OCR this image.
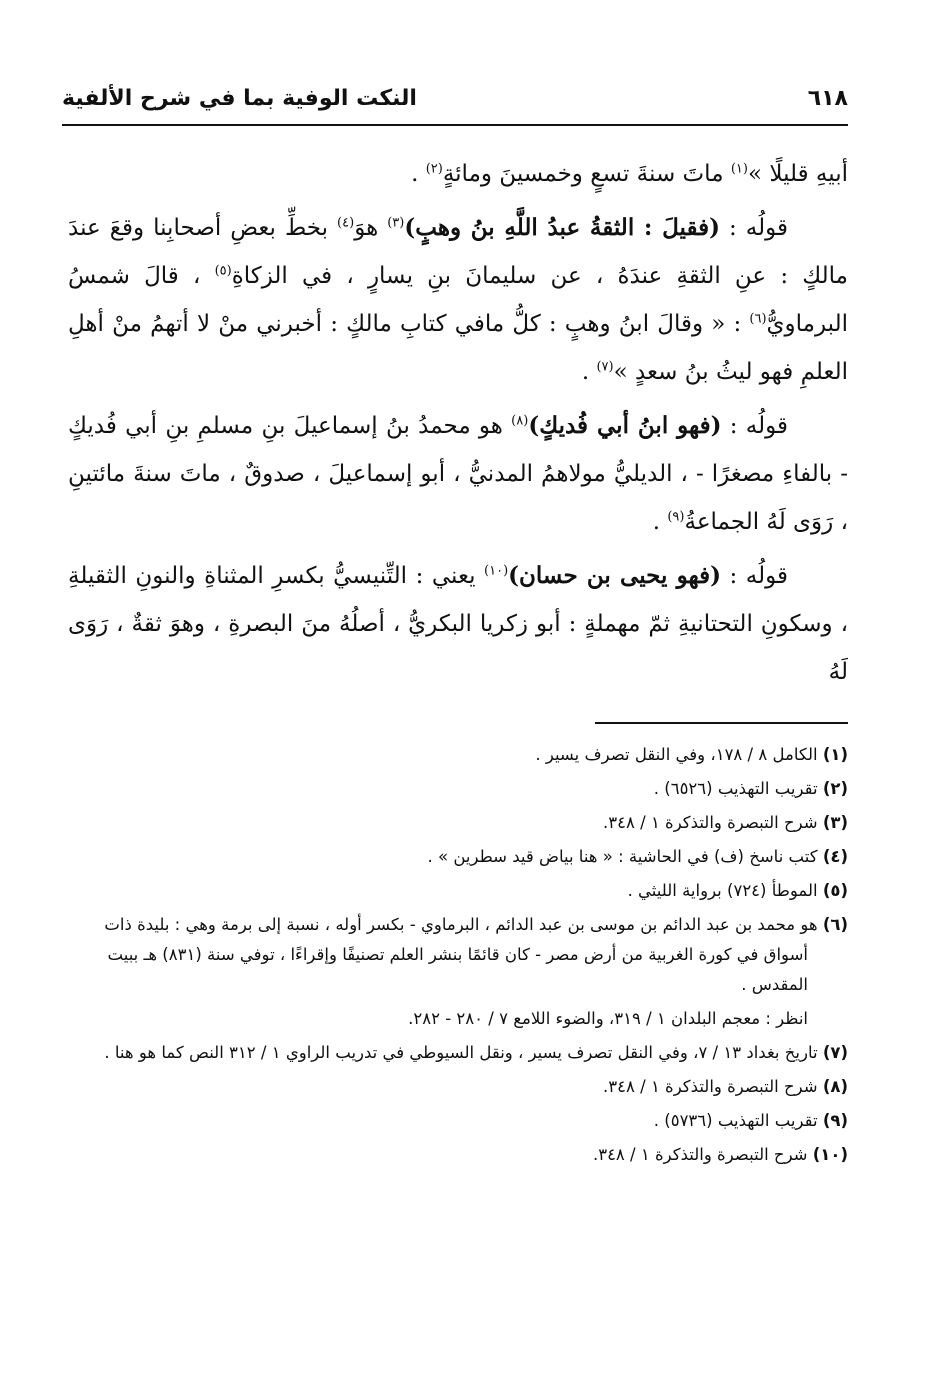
٦١٨
النكت الوفية بما في شرح الألفية

أبيهِ قليلًا »$^{(١)}$ ماتَ سنةَ تسعٍ وخمسينَ ومائةٍ$^{(٢)}$ .

قولُه : (فقيلَ : الثقةُ عبدُ اللَّهِ بنُ وهبٍ)$^{(٣)}$ هوَ$^{(٤)}$ بخطِّ بعضِ أصحابِنا وقعَ عندَ مالكٍ : عنِ الثقةِ عندَهُ ، عن سليمانَ بنِ يسارٍ ، في الزكاةِ$^{(٥)}$ ، قالَ شمسُ البرماويُّ$^{(٦)}$ : « وقالَ ابنُ وهبٍ : كلُّ مافي كتابِ مالكٍ : أخبرني منْ لا أتهمُ منْ أهلِ العلمِ فهو ليثُ بنُ سعدٍ »$^{(٧)}$ .

قولُه : (فهو ابنُ أبي فُديكٍ)$^{(٨)}$ هو محمدُ بنُ إسماعيلَ بنِ مسلمِ بنِ أبي فُديكٍ - بالفاءِ مصغرًا - ، الديليُّ مولاهمُ المدنيُّ ، أبو إسماعيلَ ، صدوقٌ ، ماتَ سنةَ مائتينِ ، رَوَى لَهُ الجماعةُ$^{(٩)}$ .

قولُه : (فهو يحيى بن حسان)$^{(١٠)}$ يعني : التِّنيسيُّ بكسرِ المثناةِ والنونِ الثقيلةِ ، وسكونِ التحتانيةِ ثمّ مهملةٍ : أبو زكريا البكريُّ ، أصلُهُ منَ البصرةِ ، وهوَ ثقةٌ ، رَوَى لَهُ

(١) الكامل ٨ / ١٧٨، وفي النقل تصرف يسير .

(٢) تقريب التهذيب (٦٥٢٦) .

(٣) شرح التبصرة والتذكرة ١ / ٣٤٨.

(٤) كتب ناسخ (ف) في الحاشية : « هنا بياض قيد سطرين » .

(٥) الموطأ (٧٢٤) برواية الليثي .

(٦) هو محمد بن عبد الدائم بن موسى بن عبد الدائم ، البرماوي - بكسر أوله ، نسبة إلى برمة وهي : بليدة ذات أسواق في كورة الغربية من أرض مصر - كان قائمًا بنشر العلم تصنيفًا وإقراءًا ، توفي سنة (٨٣١) هـ ببيت المقدس .

انظر : معجم البلدان ١ / ٣١٩، والضوء اللامع ٧ / ٢٨٠ - ٢٨٢.

(٧) تاريخ بغداد ١٣ / ٧، وفي النقل تصرف يسير ، ونقل السيوطي في تدريب الراوي ١ / ٣١٢ النص كما هو هنا .

(٨) شرح التبصرة والتذكرة ١ / ٣٤٨.

(٩) تقريب التهذيب (٥٧٣٦) .

(١٠) شرح التبصرة والتذكرة ١ / ٣٤٨.
